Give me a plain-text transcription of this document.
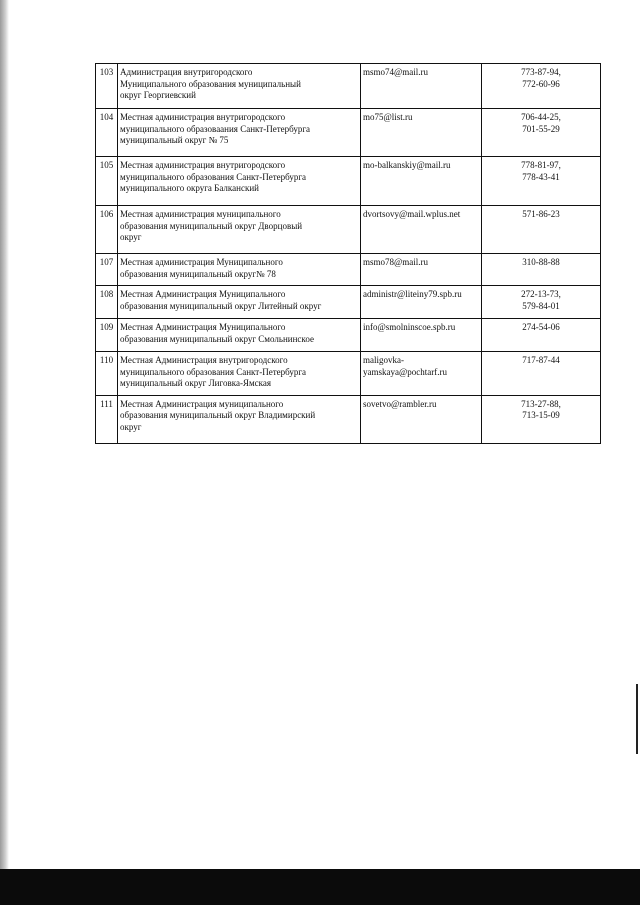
103	Администрация внутригородского
Муниципального образования муниципальный
округ Георгиевский	msmo74@mail.ru	773-87-94,
772-60-96

104	Местная администрация внутригородского
муниципального образоваания Санкт-Петербурга
муниципальный округ № 75	mo75@list.ru	706-44-25,
701-55-29

105	Местная администрация внутригородского
муниципального образования Санкт-Петербурга
муниципального округа Балканский	mo-balkanskiy@mail.ru	778-81-97,
778-43-41

106	Местная администрация муниципального
образования муниципальный округ Дворцовый
округ	dvortsovy@mail.wplus.net	571-86-23

107	Местная администрация Муниципального
образования муниципальный округ№ 78	msmo78@mail.ru	310-88-88

108	Местная Администрация Муниципального
образования муниципальный округ Литейный округ	administr@liteiny79.spb.ru	272-13-73,
579-84-01

109	Местная Администрация Муниципального
образования муниципальный округ Смольнинское	info@smolninscoe.spb.ru	274-54-06

110	Местная Администрация внутригородского
муниципального образования Санкт-Петербурга
муниципальный округ Лиговка-Ямская	maligovka-
yamskaya@pochtarf.ru	717-87-44

111	Местная Администрация муниципального
образования муниципальный округ Владимирский
округ	sovetvo@rambler.ru	713-27-88,
713-15-09
